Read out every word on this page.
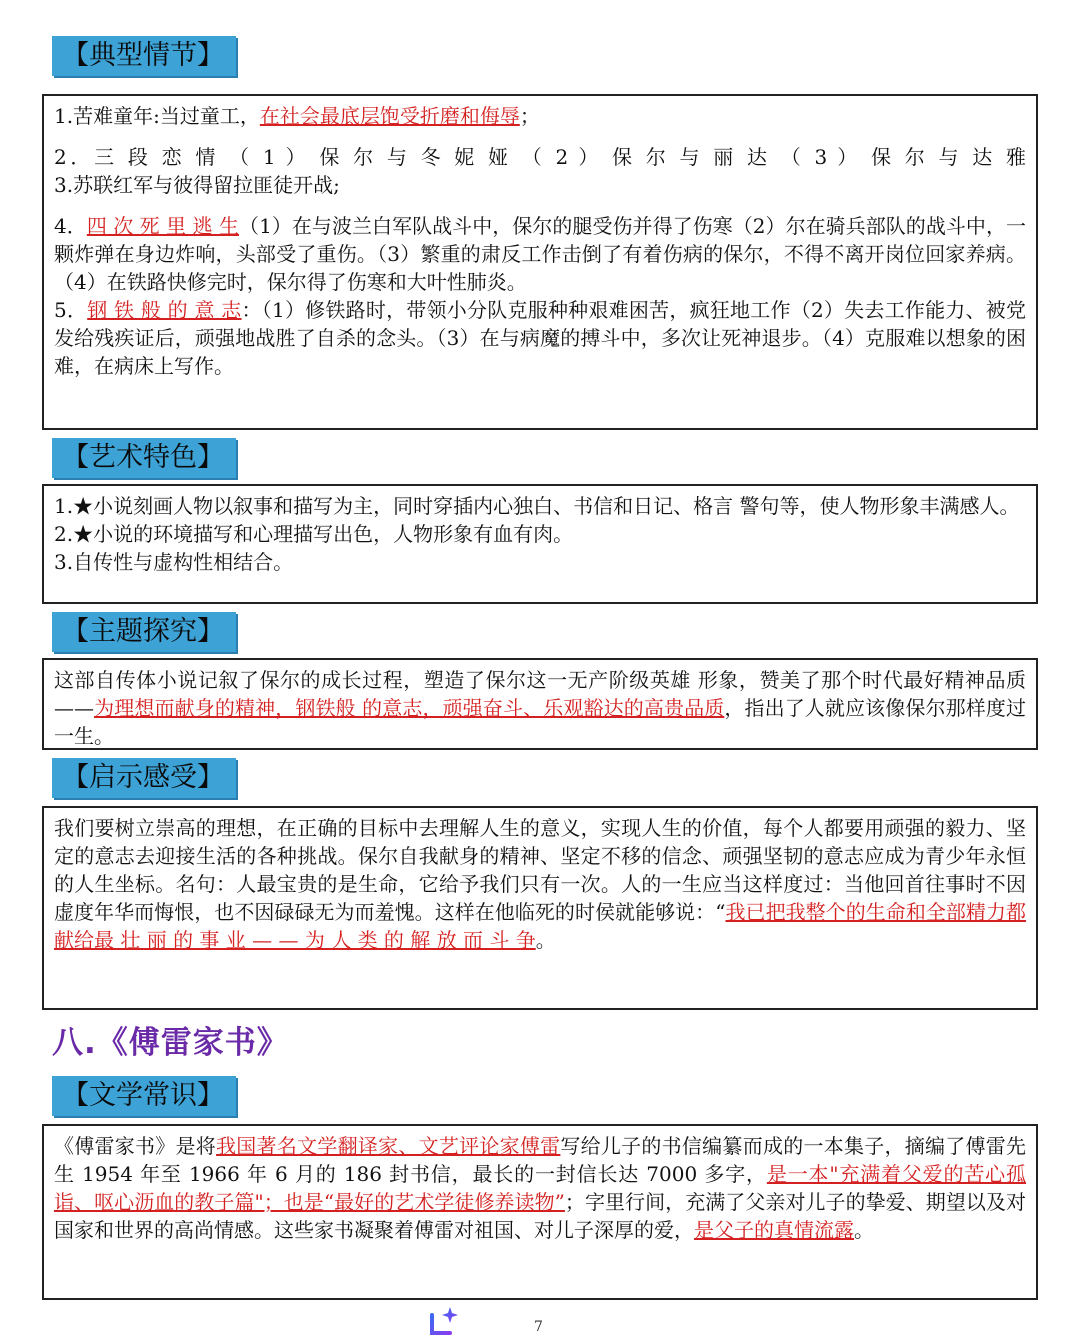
【典型情节】

1.苦难童年:当过童工，在社会最底层饱受折磨和侮辱；

2．三 段 恋 情 （ 1 ） 保 尔 与 冬 妮 娅 （ 2 ） 保 尔 与 丽 达 （ 3 ） 保 尔 与 达 雅

3.苏联红军与彼得留拉匪徒开战;

4．四 次 死 里 逃 生（1）在与波兰白军队战斗中，保尔的腿受伤并得了伤寒（2）尔在骑兵部队的战斗中，一颗炸弹在身边炸响，头部受了重伤。（3）繁重的肃反工作击倒了有着伤病的保尔，不得不离开岗位回家养病。（4）在铁路快修完时，保尔得了伤寒和大叶性肺炎。

5．钢 铁 般 的 意 志：（1）修铁路时，带领小分队克服种种艰难困苦，疯狂地工作（2）失去工作能力、被党发给残疾证后，顽强地战胜了自杀的念头。（3）在与病魔的搏斗中，多次让死神退步。（4）克服难以想象的困难，在病床上写作。

【艺术特色】

1.★小说刻画人物以叙事和描写为主，同时穿插内心独白、书信和日记、格言 警句等，使人物形象丰满感人。

2.★小说的环境描写和心理描写出色，人物形象有血有肉。

3.自传性与虚构性相结合。

【主题探究】

这部自传体小说记叙了保尔的成长过程，塑造了保尔这一无产阶级英雄 形象，赞美了那个时代最好精神品质——为理想而献身的精神，钢铁般 的意志，顽强奋斗、乐观豁达的高贵品质，指出了人就应该像保尔那样度过一生。

【启示感受】

我们要树立崇高的理想，在正确的目标中去理解人生的意义，实现人生的价值，每个人都要用顽强的毅力、坚定的意志去迎接生活的各种挑战。保尔自我献身的精神、坚定不移的信念、顽强坚韧的意志应成为青少年永恒的人生坐标。名句：人最宝贵的是生命，它给予我们只有一次。人的一生应当这样度过：当他回首往事时不因虚度年华而悔恨，也不因碌碌无为而羞愧。这样在他临死的时侯就能够说：“我已把我整个的生命和全部精力都献给最 壮 丽 的 事 业 — — 为 人 类 的 解 放 而 斗 争。

八.《傅雷家书》
【文学常识】

《傅雷家书》是将我国著名文学翻译家、文艺评论家傅雷写给儿子的书信编纂而成的一本集子，摘编了傅雷先生 1954 年至 1966 年 6 月的 186 封书信，最长的一封信长达 7000 多字，是一本"充满着父爱的苦心孤诣、呕心沥血的教子篇"；也是“最好的艺术学徒修养读物”；字里行间，充满了父亲对儿子的挚爱、期望以及对国家和世界的高尚情感。这些家书凝聚着傅雷对祖国、对儿子深厚的爱，是父子的真情流露。

7
